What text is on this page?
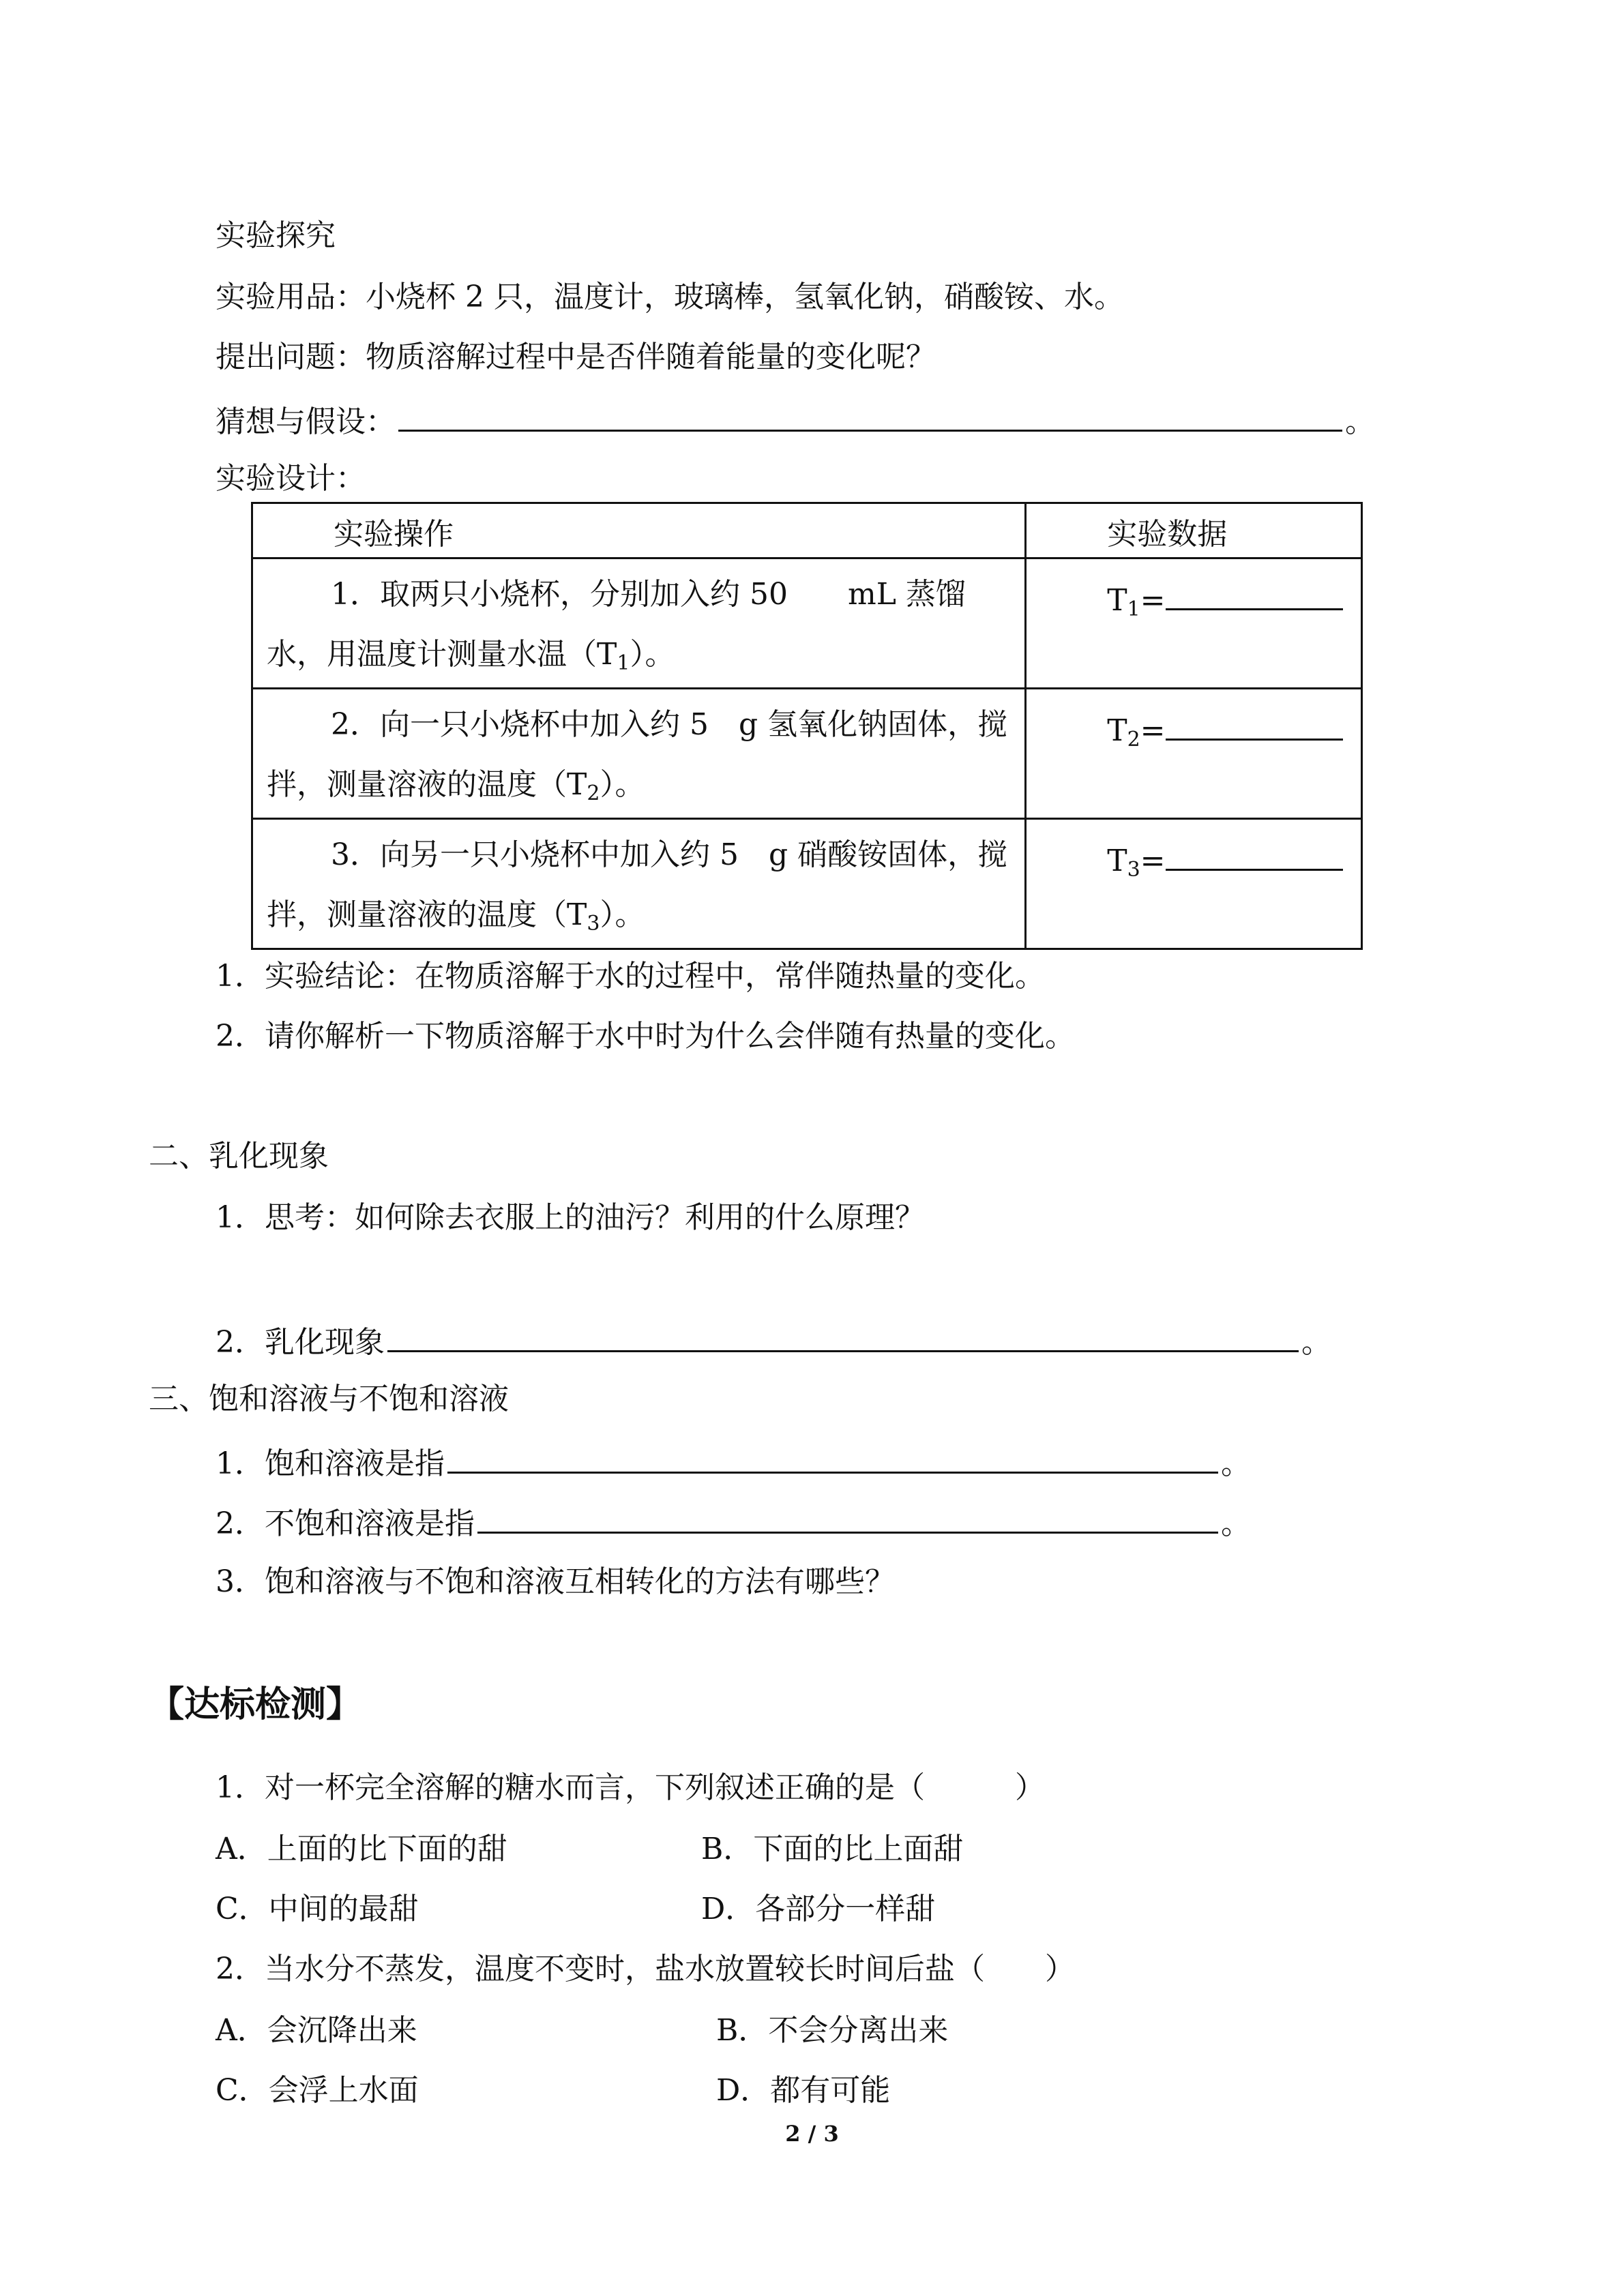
实验探究
实验用品：小烧杯 2 只，温度计，玻璃棒，氢氧化钠，硝酸铵、水。
提出问题：物质溶解过程中是否伴随着能量的变化呢？
猜想与假设：	。
实验设计：
实验操作	实验数据

1．取两只小烧杯，分别加入约 50　　mL 蒸馏水，用温度计测量水温$(T_1)$。	$T_1=$

2．向一只小烧杯中加入约 5　g 氢氧化钠固体，搅拌，测量溶液的温度$(T_2)$。	$T_2=$

3．向另一只小烧杯中加入约 5　g 硝酸铵固体，搅拌，测量溶液的温度$(T_3)$。	$T_3=$
1．实验结论：在物质溶解于水的过程中，常伴随热量的变化。
2．请你解析一下物质溶解于水中时为什么会伴随有热量的变化。
二、乳化现象
1．思考：如何除去衣服上的油污？利用的什么原理？
2．乳化现象	。
三、饱和溶液与不饱和溶液
1．饱和溶液是指	。
2．不饱和溶液是指	。
3．饱和溶液与不饱和溶液互相转化的方法有哪些？
【达标检测】
1．对一杯完全溶解的糖水而言，下列叙述正确的是（　　　）
A．上面的比下面的甜	B．下面的比上面甜
C．中间的最甜	D．各部分一样甜
2．当水分不蒸发，温度不变时，盐水放置较长时间后盐（　　）
A．会沉降出来	B．不会分离出来
C．会浮上水面	D．都有可能
2 / 3
